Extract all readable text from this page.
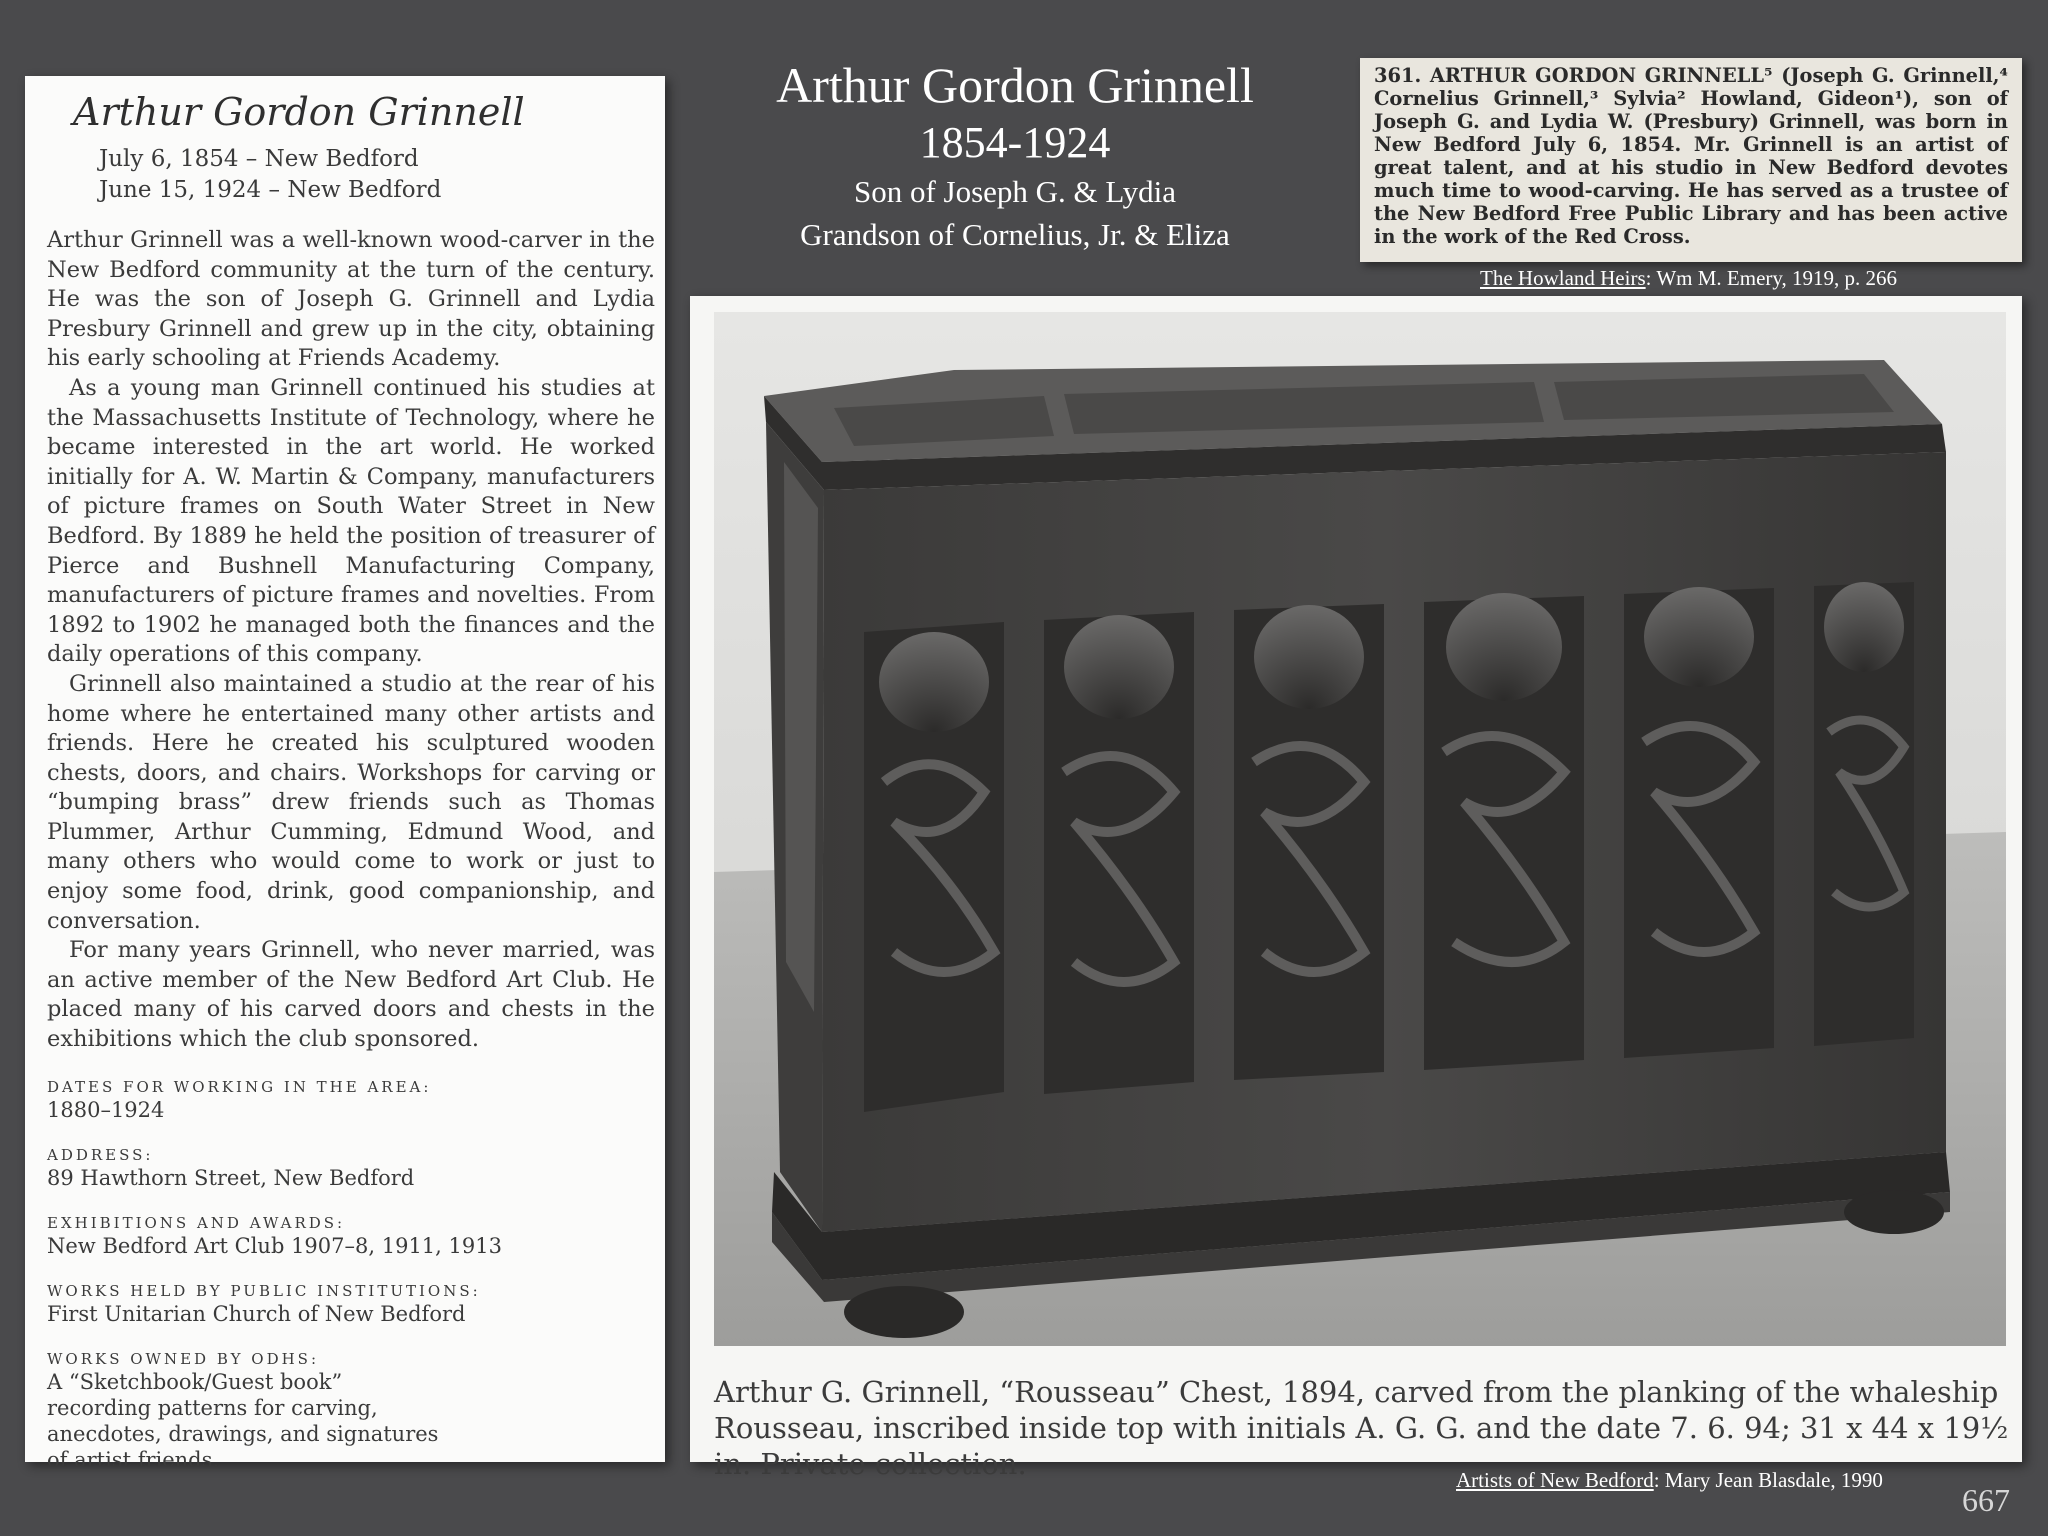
Arthur Gordon Grinnell
July 6, 1854 – New Bedford
June 15, 1924 – New Bedford

Arthur Grinnell was a well-known wood-carver in the New Bedford community at the turn of the century. He was the son of Joseph G. Grinnell and Lydia Presbury Grinnell and grew up in the city, obtaining his early schooling at Friends Academy.

As a young man Grinnell continued his studies at the Massachusetts Institute of Technology, where he became interested in the art world. He worked initially for A. W. Martin & Company, manufacturers of picture frames on South Water Street in New Bedford. By 1889 he held the position of treasurer of Pierce and Bushnell Manufacturing Company, manufacturers of picture frames and novelties. From 1892 to 1902 he managed both the finances and the daily operations of this company.

Grinnell also maintained a studio at the rear of his home where he entertained many other artists and friends. Here he created his sculptured wooden chests, doors, and chairs. Workshops for carving or “bumping brass” drew friends such as Thomas Plummer, Arthur Cumming, Edmund Wood, and many others who would come to work or just to enjoy some food, drink, good companionship, and conversation.

For many years Grinnell, who never married, was an active member of the New Bedford Art Club. He placed many of his carved doors and chests in the exhibitions which the club sponsored.

DATES FOR WORKING IN THE AREA:
1880–1924
ADDRESS:
89 Hawthorn Street, New Bedford
EXHIBITIONS AND AWARDS:
New Bedford Art Club 1907–8, 1911, 1913
WORKS HELD BY PUBLIC INSTITUTIONS:
First Unitarian Church of New Bedford
WORKS OWNED BY ODHS:
A “Sketchbook/Guest book” recording patterns for carving, anecdotes, drawings, and signatures of artist friends.
Arthur Gordon Grinnell
1854-1924
Son of Joseph G. & Lydia
Grandson of Cornelius, Jr. & Eliza

361. ARTHUR GORDON GRINNELL⁵ (Joseph G. Grinnell,⁴ Cornelius Grinnell,³ Sylvia² Howland, Gideon¹), son of Joseph G. and Lydia W. (Presbury) Grinnell, was born in New Bedford July 6, 1854. Mr. Grinnell is an artist of great talent, and at his studio in New Bedford devotes much time to wood-carving. He has served as a trustee of the New Bedford Free Public Library and has been active in the work of the Red Cross.

The Howland Heirs: Wm M. Emery, 1919, p. 266
Arthur G. Grinnell, “Rousseau” Chest, 1894, carved from the planking of the whaleship Rousseau, inscribed inside top with initials A. G. G. and the date 7. 6. 94; 31 x 44 x 19½ in. Private collection.	Artists of New Bedford: Mary Jean Blasdale, 1990
667
